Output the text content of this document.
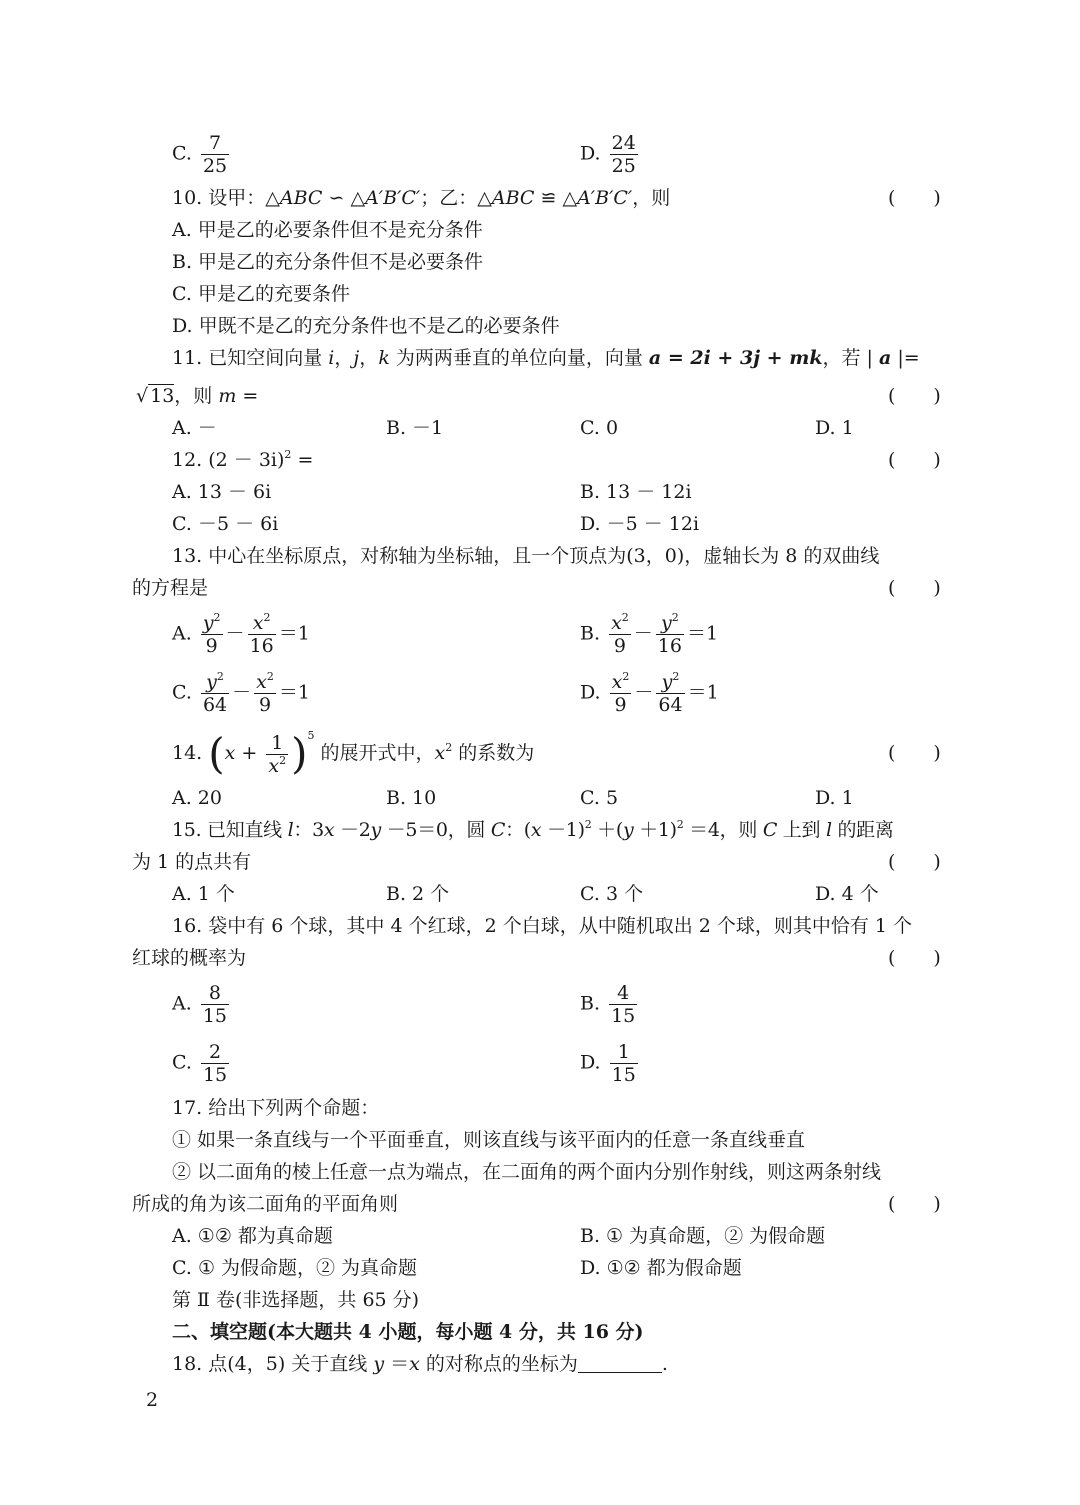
C. $\frac{7}{25}$	D. $\frac{24}{25}$
10. 设甲：△ABC ∽ △A′B′C′；乙：△ABC ≌ △A′B′C′，则	(　　)
A. 甲是乙的必要条件但不是充分条件
B. 甲是乙的充分条件但不是必要条件
C. 甲是乙的充要条件
D. 甲既不是乙的充分条件也不是乙的必要条件
11. 已知空间向量 i，j，k 为两两垂直的单位向量，向量 a = 2i + 3j + mk，若 | a |=
√ 13，则 m =	(　　)
A. －	B. －1	C. 0	D. 1
12. $(2 - 3i)^2$ =	(　　)
A. 13 － 6i	B. 13 － 12i
C. －5 － 6i	D. －5 － 12i
13. 中心在坐标原点，对称轴为坐标轴，且一个顶点为(3，0)，虚轴长为 8 的双曲线
的方程是	(　　)
A. $\frac{y^2}{9} - \frac{x^2}{16} =1$	B. $\frac{x^2}{9} - \frac{y^2}{16} =1$
C. $\frac{y^2}{64} - \frac{x^2}{9} =1$	D. $\frac{x^2}{9} - \frac{y^2}{64} =1$
14. $(x + \frac{1}{x^2} )^5$ 的展开式中，$x^2$ 的系数为	(　　)
A. 20	B. 10	C. 5	D. 1
15. 已知直线 l：3x －2y －5＝0，圆 C：$(x -1)^2 +(y +1)^2 =4$，则 C 上到 l 的距离
为 1 的点共有	(　　)
A. 1 个	B. 2 个	C. 3 个	D. 4 个
16. 袋中有 6 个球，其中 4 个红球，2 个白球，从中随机取出 2 个球，则其中恰有 1 个
红球的概率为	(　　)
A. $\frac{8}{15}$	B. $\frac{4}{15}$
C. $\frac{2}{15}$	D. $\frac{1}{15}$
17. 给出下列两个命题：
① 如果一条直线与一个平面垂直，则该直线与该平面内的任意一条直线垂直
② 以二面角的棱上任意一点为端点，在二面角的两个面内分别作射线，则这两条射线
所成的角为该二面角的平面角则	(　　)
A. ①② 都为真命题	B. ① 为真命题，② 为假命题
C. ① 为假命题，② 为真命题	D. ①② 都为假命题
第 Ⅱ 卷(非选择题，共 65 分)
二、填空题(本大题共 4 小题，每小题 4 分，共 16 分)
18. 点(4，5) 关于直线 y ＝x 的对称点的坐标为	.
2
